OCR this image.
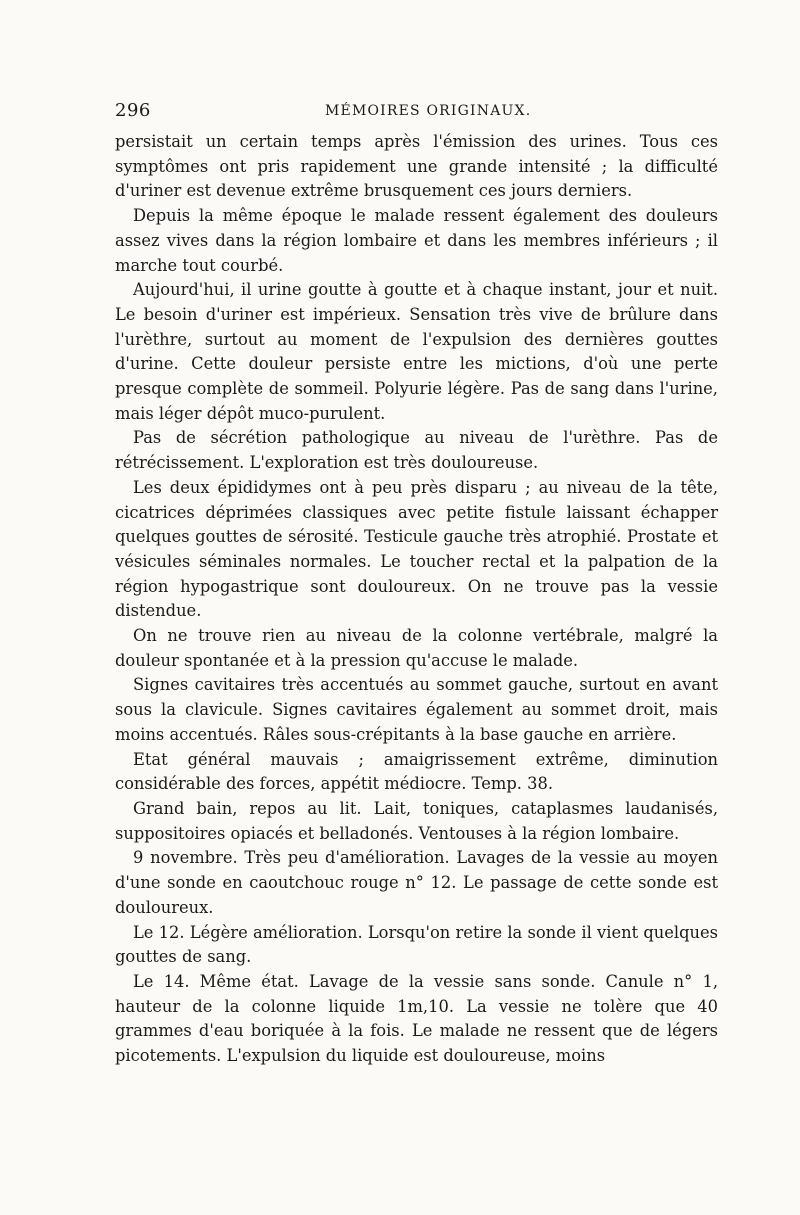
296	MÉMOIRES ORIGINAUX.

persistait un certain temps après l'émission des urines. Tous ces symptômes ont pris rapidement une grande intensité ; la difficulté d'uriner est devenue extrême brusquement ces jours derniers.

Depuis la même époque le malade ressent également des douleurs assez vives dans la région lombaire et dans les membres inférieurs ; il marche tout courbé.

Aujourd'hui, il urine goutte à goutte et à chaque instant, jour et nuit. Le besoin d'uriner est impérieux. Sensation très vive de brûlure dans l'urèthre, surtout au moment de l'expulsion des dernières gouttes d'urine. Cette douleur persiste entre les mictions, d'où une perte presque complète de sommeil. Polyurie légère. Pas de sang dans l'urine, mais léger dépôt muco-purulent.

Pas de sécrétion pathologique au niveau de l'urèthre. Pas de rétrécissement. L'exploration est très douloureuse.

Les deux épididymes ont à peu près disparu ; au niveau de la tête, cicatrices déprimées classiques avec petite fistule laissant échapper quelques gouttes de sérosité. Testicule gauche très atrophié. Prostate et vésicules séminales normales. Le toucher rectal et la palpation de la région hypogastrique sont douloureux. On ne trouve pas la vessie distendue.

On ne trouve rien au niveau de la colonne vertébrale, malgré la douleur spontanée et à la pression qu'accuse le malade.

Signes cavitaires très accentués au sommet gauche, surtout en avant sous la clavicule. Signes cavitaires également au sommet droit, mais moins accentués. Râles sous-crépitants à la base gauche en arrière.

Etat général mauvais ; amaigrissement extrême, diminution considérable des forces, appétit médiocre. Temp. 38.

Grand bain, repos au lit. Lait, toniques, cataplasmes laudanisés, suppositoires opiacés et belladonés. Ventouses à la région lombaire.

9 novembre. Très peu d'amélioration. Lavages de la vessie au moyen d'une sonde en caoutchouc rouge n° 12. Le passage de cette sonde est douloureux.

Le 12. Légère amélioration. Lorsqu'on retire la sonde il vient quelques gouttes de sang.

Le 14. Même état. Lavage de la vessie sans sonde. Canule n° 1, hauteur de la colonne liquide 1m,10. La vessie ne tolère que 40 grammes d'eau boriquée à la fois. Le malade ne ressent que de légers picotements. L'expulsion du liquide est douloureuse, moins
